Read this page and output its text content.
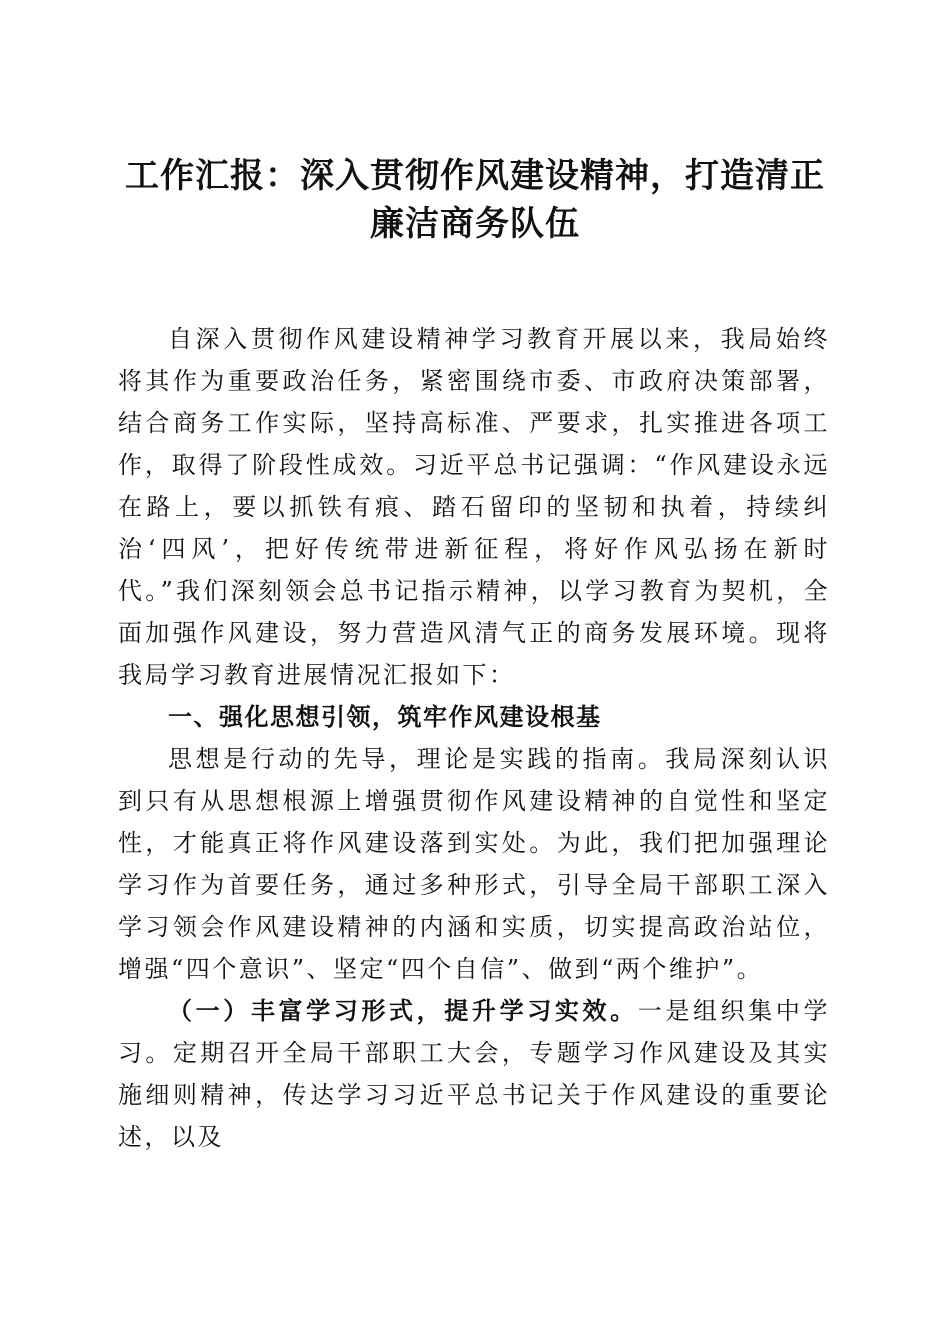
工作汇报：深入贯彻作风建设精神，打造清正
廉洁商务队伍

自深入贯彻作风建设精神学习教育开展以来，我局始终将其作为重要政治任务，紧密围绕市委、市政府决策部署，结合商务工作实际，坚持高标准、严要求，扎实推进各项工作，取得了阶段性成效。习近平总书记强调：“作风建设永远在路上，要以抓铁有痕、踏石留印的坚韧和执着，持续纠治‘四风’，把好传统带进新征程，将好作风弘扬在新时代。”我们深刻领会总书记指示精神，以学习教育为契机，全面加强作风建设，努力营造风清气正的商务发展环境。现将我局学习教育进展情况汇报如下：

一、强化思想引领，筑牢作风建设根基

思想是行动的先导，理论是实践的指南。我局深刻认识到只有从思想根源上增强贯彻作风建设精神的自觉性和坚定性，才能真正将作风建设落到实处。为此，我们把加强理论学习作为首要任务，通过多种形式，引导全局干部职工深入学习领会作风建设精神的内涵和实质，切实提高政治站位，增强“四个意识”、坚定“四个自信”、做到“两个维护”。

（一）丰富学习形式，提升学习实效。一是组织集中学习。定期召开全局干部职工大会，专题学习作风建设及其实施细则精神，传达学习习近平总书记关于作风建设的重要论述，以及
